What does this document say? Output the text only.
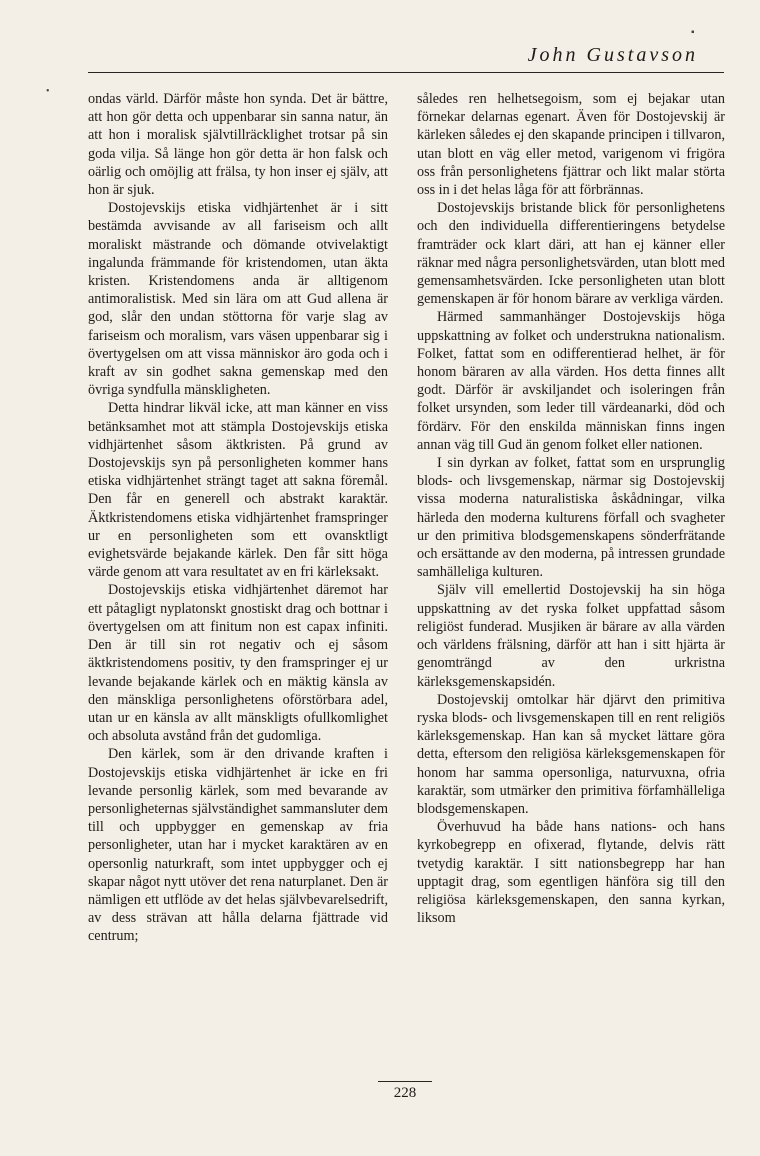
•
▪
John Gustavson

ondas värld. Därför måste hon synda. Det är bättre, att hon gör detta och uppenbarar sin sanna natur, än att hon i moralisk självtillräcklighet trotsar på sin goda vilja. Så länge hon gör detta är hon falsk och oärlig och omöjlig att frälsa, ty hon inser ej själv, att hon är sjuk.

Dostojevskijs etiska vidhjärtenhet är i sitt bestämda avvisande av all fariseism och allt moraliskt mästrande och dömande otvivelaktigt ingalunda främmande för kristendomen, utan äkta kristen. Kristendomens anda är alltigenom antimoralistisk. Med sin lära om att Gud allena är god, slår den undan stöttorna för varje slag av fariseism och moralism, vars väsen uppenbarar sig i övertygelsen om att vissa människor äro goda och i kraft av sin godhet sakna gemenskap med den övriga syndfulla mänskligheten.

Detta hindrar likväl icke, att man känner en viss betänksamhet mot att stämpla Dostojevskijs etiska vidhjärtenhet såsom äktkristen. På grund av Dostojevskijs syn på personligheten kommer hans etiska vidhjärtenhet strängt taget att sakna föremål. Den får en generell och abstrakt karaktär. Äktkristendomens etiska vidhjärtenhet framspringer ur en personligheten som ett ovansktligt evighetsvärde bejakande kärlek. Den får sitt höga värde genom att vara resultatet av en fri kärleksakt.

Dostojevskijs etiska vidhjärtenhet däremot har ett påtagligt nyplatonskt gnostiskt drag och bottnar i övertygelsen om att finitum non est capax infiniti. Den är till sin rot negativ och ej såsom äktkristendomens positiv, ty den framspringer ej ur levande bejakande kärlek och en mäktig känsla av den mänskliga personlighetens oförstörbara adel, utan ur en känsla av allt mänskligts ofullkomlighet och absoluta avstånd från det gudomliga.

Den kärlek, som är den drivande kraften i Dostojevskijs etiska vidhjärtenhet är icke en fri levande personlig kärlek, som med bevarande av personligheternas självständighet sammansluter dem till och uppbygger en gemenskap av fria personligheter, utan har i mycket karaktären av en opersonlig naturkraft, som intet uppbygger och ej skapar något nytt utöver det rena naturplanet. Den är nämligen ett utflöde av det helas självbevarelsedrift, av dess strävan att hålla delarna fjättrade vid centrum;

således ren helhetsegoism, som ej bejakar utan förnekar delarnas egenart. Även för Dostojevskij är kärleken således ej den skapande principen i tillvaron, utan blott en väg eller metod, varigenom vi frigöra oss från personlighetens fjättrar och likt malar störta oss in i det helas låga för att förbrännas.

Dostojevskijs bristande blick för personlighetens och den individuella differentieringens betydelse framträder ock klart däri, att han ej känner eller räknar med några personlighetsvärden, utan blott med gemensamhetsvärden. Icke personligheten utan blott gemenskapen är för honom bärare av verkliga värden.

Härmed sammanhänger Dostojevskijs höga uppskattning av folket och understrukna nationalism. Folket, fattat som en odifferentierad helhet, är för honom bäraren av alla värden. Hos detta finnes allt godt. Därför är avskiljandet och isoleringen från folket ursynden, som leder till värdeanarki, död och fördärv. För den enskilda människan finns ingen annan väg till Gud än genom folket eller nationen.

I sin dyrkan av folket, fattat som en ursprunglig blods- och livsgemenskap, närmar sig Dostojevskij vissa moderna naturalistiska åskådningar, vilka härleda den moderna kulturens förfall och svagheter ur den primitiva blodsgemenskapens sönderfrätande och ersättande av den moderna, på intressen grundade samhälleliga kulturen.

Själv vill emellertid Dostojevskij ha sin höga uppskattning av det ryska folket uppfattad såsom religiöst funderad. Musjiken är bärare av alla värden och världens frälsning, därför att han i sitt hjärta är genomträngd av den urkristna kärleksgemenskapsidén.

Dostojevskij omtolkar här djärvt den primitiva ryska blods- och livsgemenskapen till en rent religiös kärleksgemenskap. Han kan så mycket lättare göra detta, eftersom den religiösa kärleksgemenskapen för honom har samma opersonliga, naturvuxna, ofria karaktär, som utmärker den primitiva förfamhälleliga blodsgemenskapen.

Överhuvud ha både hans nations- och hans kyrkobegrepp en ofixerad, flytande, delvis rätt tvetydig karaktär. I sitt nationsbegrepp har han upptagit drag, som egentligen hänföra sig till den religiösa kärleksgemenskapen, den sanna kyrkan, liksom

228
